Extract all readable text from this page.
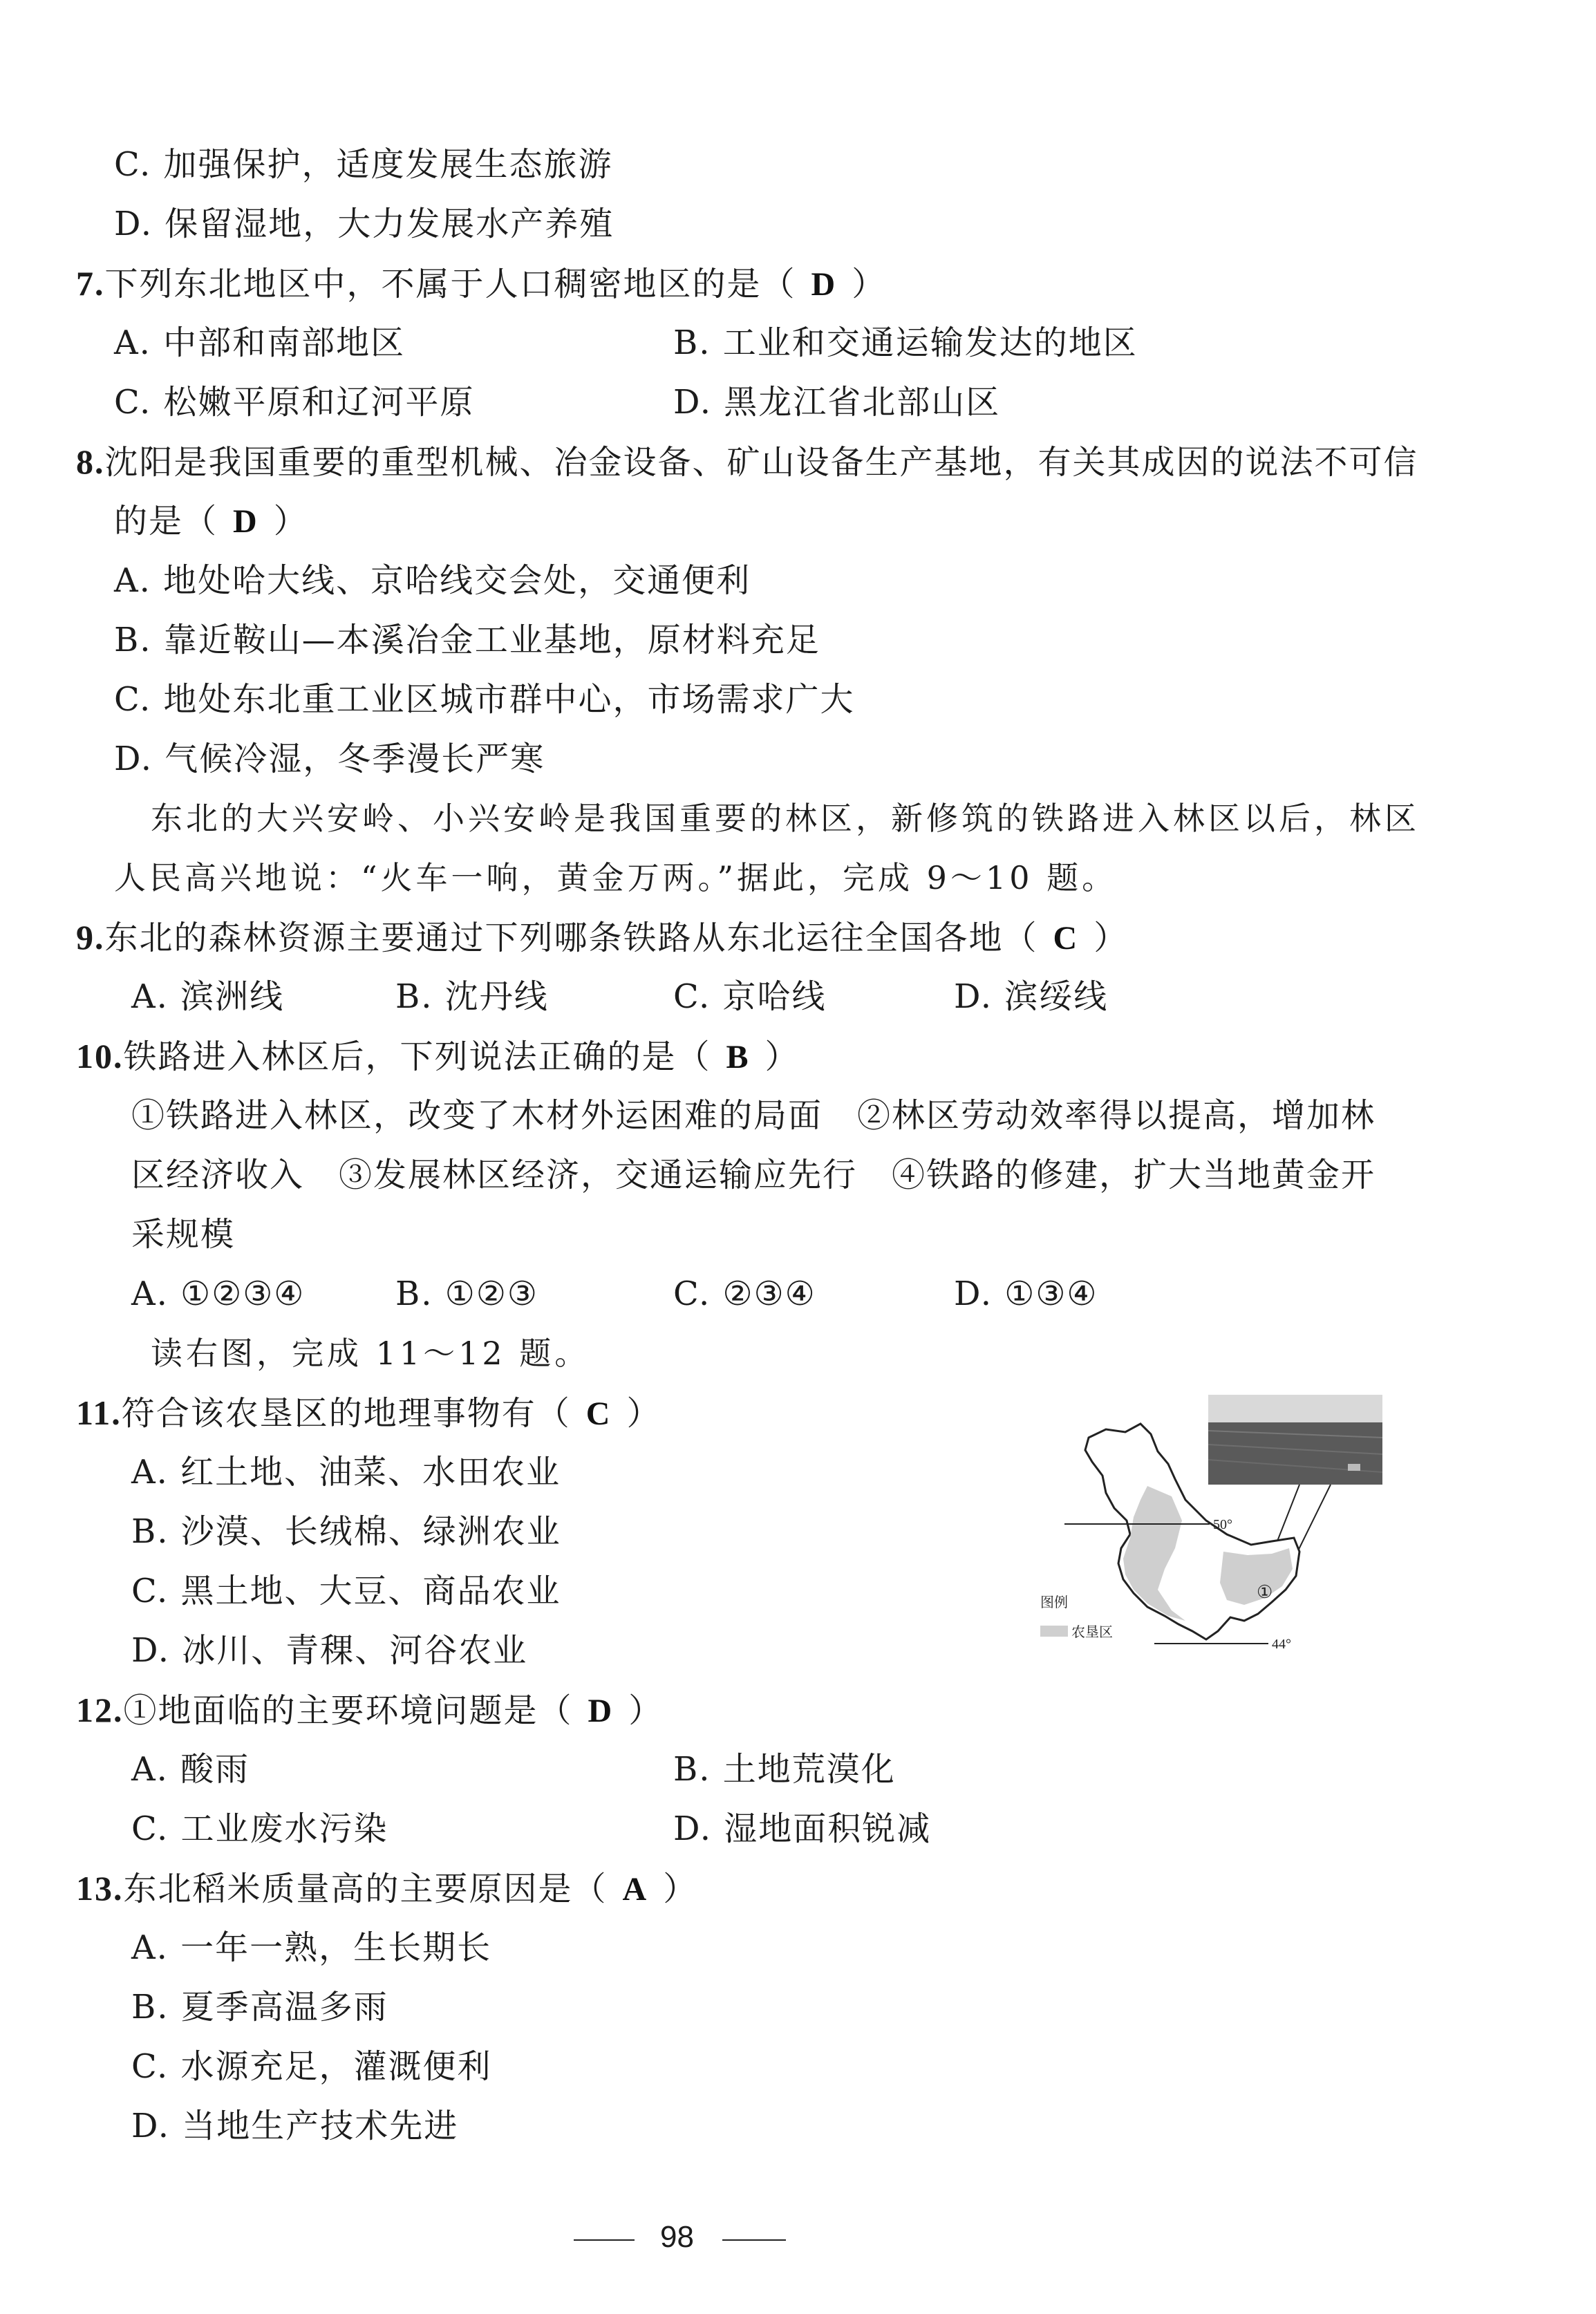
C. 加强保护，适度发展生态旅游
D. 保留湿地，大力发展水产养殖
7.下列东北地区中，不属于人口稠密地区的是（ D ）
A. 中部和南部地区	B. 工业和交通运输发达的地区
C. 松嫩平原和辽河平原	D. 黑龙江省北部山区
8.沈阳是我国重要的重型机械、冶金设备、矿山设备生产基地，有关其成因的说法不可信
的是（ D ）
A. 地处哈大线、京哈线交会处，交通便利
B. 靠近鞍山—本溪冶金工业基地，原材料充足
C. 地处东北重工业区城市群中心，市场需求广大
D. 气候冷湿，冬季漫长严寒
东北的大兴安岭、小兴安岭是我国重要的林区，新修筑的铁路进入林区以后，林区
人民高兴地说：“火车一响，黄金万两。”据此，完成 9～10 题。
9.东北的森林资源主要通过下列哪条铁路从东北运往全国各地（ C ）
A. 滨洲线	B. 沈丹线	C. 京哈线	D. 滨绥线
10.铁路进入林区后，下列说法正确的是（ B ）
①铁路进入林区，改变了木材外运困难的局面　②林区劳动效率得以提高，增加林
区经济收入　③发展林区经济，交通运输应先行　④铁路的修建，扩大当地黄金开
采规模
A. ①②③④	B. ①②③	C. ②③④	D. ①③④
读右图，完成 11～12 题。
11.符合该农垦区的地理事物有（ C ）
A. 红土地、油菜、水田农业
B. 沙漠、长绒棉、绿洲农业
C. 黑土地、大豆、商品农业
D. 冰川、青稞、河谷农业
50°
44°
①
图例
农垦区
12.①地面临的主要环境问题是（ D ）
A. 酸雨	B. 土地荒漠化
C. 工业废水污染	D. 湿地面积锐减
13.东北稻米质量高的主要原因是（ A ）
A. 一年一熟，生长期长
B. 夏季高温多雨
C. 水源充足，灌溉便利
D. 当地生产技术先进
98
